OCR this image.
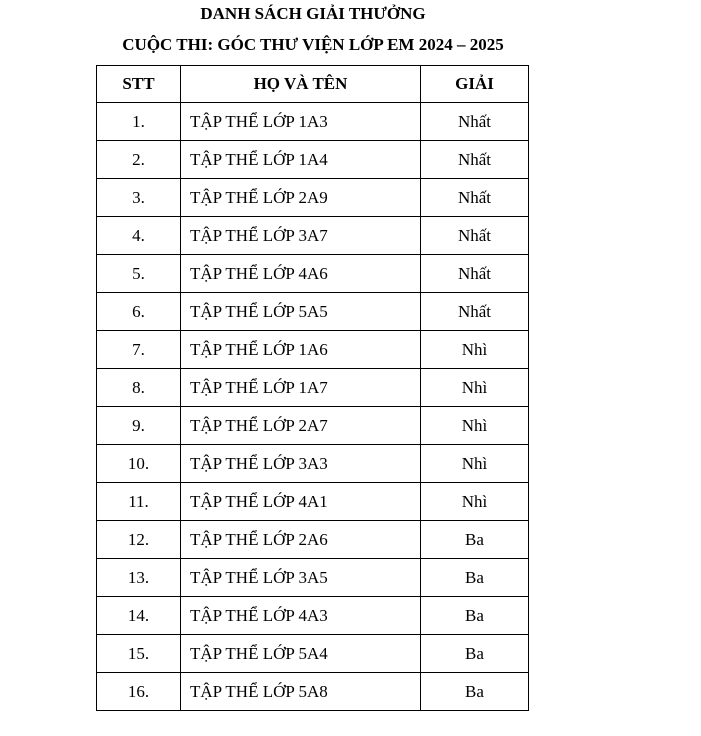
DANH SÁCH GIẢI THƯỞNG
CUỘC THI: GÓC THƯ VIỆN LỚP EM 2024 – 2025
STT	HỌ VÀ TÊN	GIẢI
1.	TẬP THỂ LỚP 1A3	Nhất
2.	TẬP THỂ LỚP 1A4	Nhất
3.	TẬP THỂ LỚP 2A9	Nhất
4.	TẬP THỂ LỚP 3A7	Nhất
5.	TẬP THỂ LỚP 4A6	Nhất
6.	TẬP THỂ LỚP 5A5	Nhất
7.	TẬP THỂ LỚP 1A6	Nhì
8.	TẬP THỂ LỚP 1A7	Nhì
9.	TẬP THỂ LỚP 2A7	Nhì
10.	TẬP THỂ LỚP 3A3	Nhì
11.	TẬP THỂ LỚP 4A1	Nhì
12.	TẬP THỂ LỚP 2A6	Ba
13.	TẬP THỂ LỚP 3A5	Ba
14.	TẬP THỂ LỚP 4A3	Ba
15.	TẬP THỂ LỚP 5A4	Ba
16.	TẬP THỂ LỚP 5A8	Ba
